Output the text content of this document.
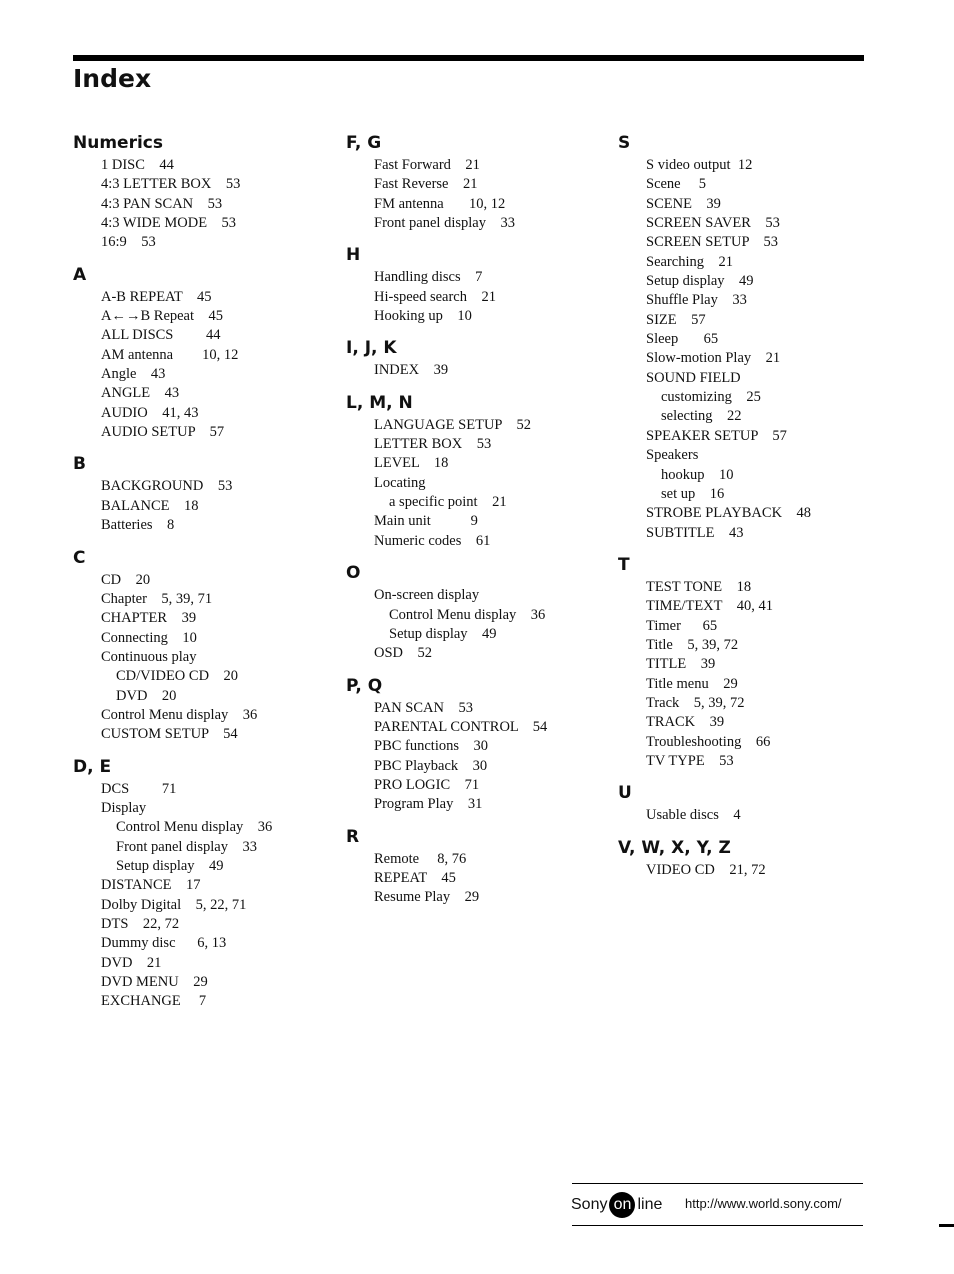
Index
Numerics
1 DISC    44
4:3 LETTER BOX    53
4:3 PAN SCAN    53
4:3 WIDE MODE    53
16:9    53
A
A-B REPEAT    45
A←→B Repeat    45
ALL DISCS         44
AM antenna        10, 12
Angle    43
ANGLE    43
AUDIO    41, 43
AUDIO SETUP    57
B
BACKGROUND    53
BALANCE    18
Batteries    8
C
CD    20
Chapter    5, 39, 71
CHAPTER    39
Connecting    10
Continuous play
CD/VIDEO CD    20
DVD    20
Control Menu display    36
CUSTOM SETUP    54
D, E
DCS         71
Display
Control Menu display    36
Front panel display    33
Setup display    49
DISTANCE    17
Dolby Digital    5, 22, 71
DTS    22, 72
Dummy disc      6, 13
DVD    21
DVD MENU    29
EXCHANGE     7
F, G
Fast Forward    21
Fast Reverse    21
FM antenna       10, 12
Front panel display    33
H
Handling discs    7
Hi-speed search    21
Hooking up    10
I, J, K
INDEX    39
L, M, N
LANGUAGE SETUP    52
LETTER BOX    53
LEVEL    18
Locating
a specific point    21
Main unit           9
Numeric codes    61
O
On-screen display
Control Menu display    36
Setup display    49
OSD    52
P, Q
PAN SCAN    53
PARENTAL CONTROL    54
PBC functions    30
PBC Playback    30
PRO LOGIC    71
Program Play    31
R
Remote     8, 76
REPEAT    45
Resume Play    29
S
S video output  12
Scene     5
SCENE    39
SCREEN SAVER    53
SCREEN SETUP    53
Searching    21
Setup display    49
Shuffle Play    33
SIZE    57
Sleep       65
Slow-motion Play    21
SOUND FIELD
customizing    25
selecting    22
SPEAKER SETUP    57
Speakers
hookup    10
set up    16
STROBE PLAYBACK    48
SUBTITLE    43
T
TEST TONE    18
TIME/TEXT    40, 41
Timer      65
Title    5, 39, 72
TITLE    39
Title menu    29
Track    5, 39, 72
TRACK    39
Troubleshooting    66
TV TYPE    53
U
Usable discs    4
V, W, X, Y, Z
VIDEO CD    21, 72
Sony on line http://www.world.sony.com/
